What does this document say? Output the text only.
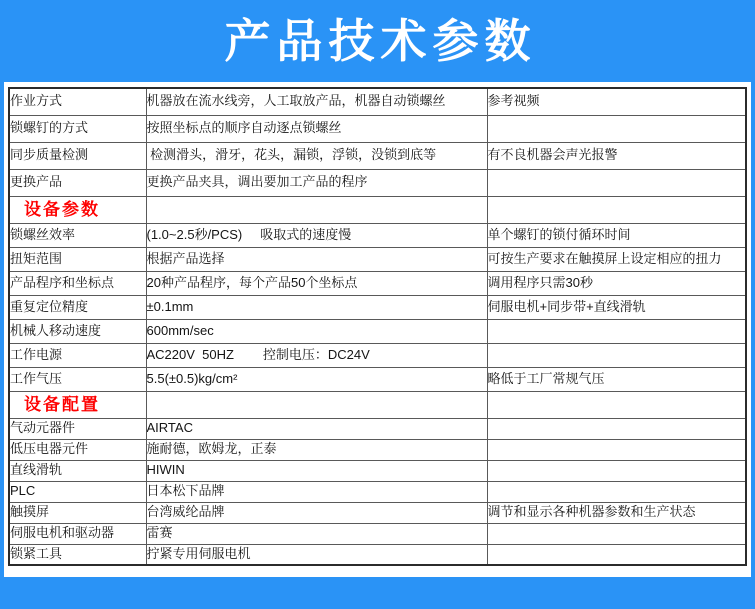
产品技术参数
作业方式	机器放在流水线旁，人工取放产品，机器自动锁螺丝	参考视频
锁螺钉的方式	按照坐标点的顺序自动逐点锁螺丝	
同步质量检测	检测滑头，滑牙，花头，漏锁，浮锁，没锁到底等	有不良机器会声光报警
更换产品	更换产品夹具，调出要加工产品的程序	
设备参数		
锁螺丝效率	(1.0~2.5秒/PCS)     吸取式的速度慢	单个螺钉的锁付循环时间
扭矩范围	根据产品选择	可按生产要求在触摸屏上设定相应的扭力
产品程序和坐标点	20种产品程序，每个产品50个坐标点	调用程序只需30秒
重复定位精度	±0.1mm	伺服电机+同步带+直线滑轨
机械人移动速度	600mm/sec	
工作电源	AC220V  50HZ        控制电压：DC24V	
工作气压	5.5(±0.5)kg/cm²	略低于工厂常规气压
设备配置		
气动元器件	AIRTAC	
低压电器元件	施耐德，欧姆龙，正泰	
直线滑轨	HIWIN	
PLC	日本松下品牌	
触摸屏	台湾威纶品牌	调节和显示各种机器参数和生产状态
伺服电机和驱动器	雷赛	
锁紧工具	拧紧专用伺服电机	
